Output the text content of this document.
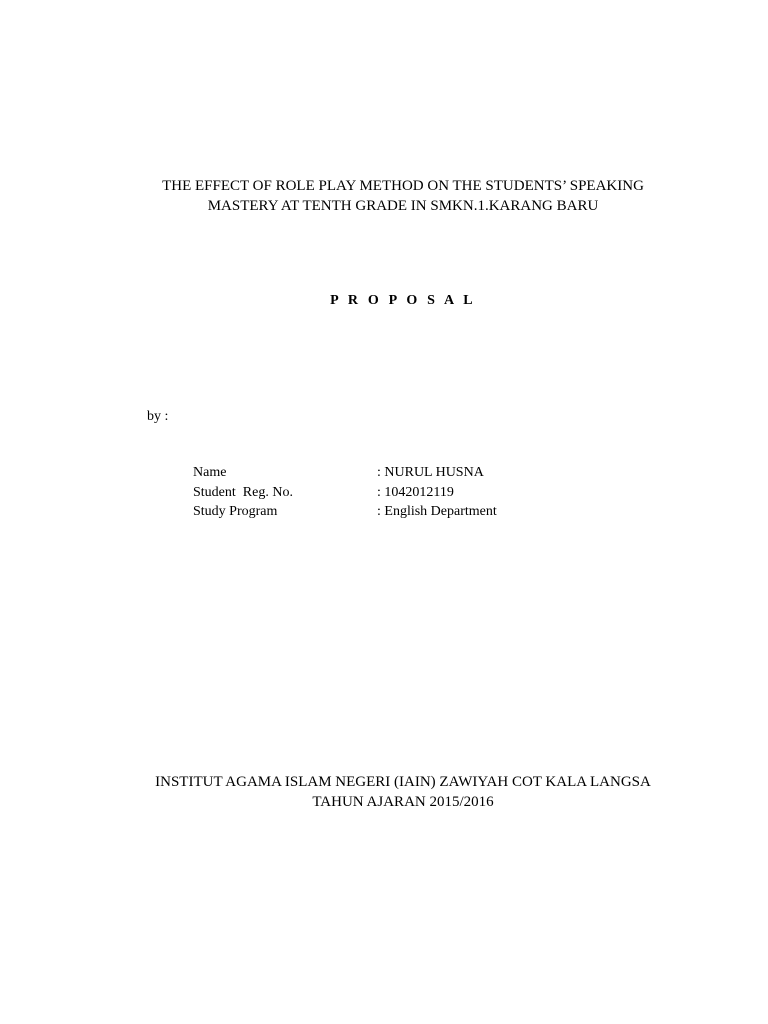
THE EFFECT OF ROLE PLAY METHOD ON THE STUDENTS’ SPEAKING
MASTERY AT TENTH GRADE IN SMKN.1.KARANG BARU
P R O P O S A L
by :
Name	: NURUL HUSNA
Student  Reg. No.	: 1042012119
Study Program	: English Department
INSTITUT AGAMA ISLAM NEGERI (IAIN) ZAWIYAH COT KALA LANGSA
TAHUN AJARAN 2015/2016
